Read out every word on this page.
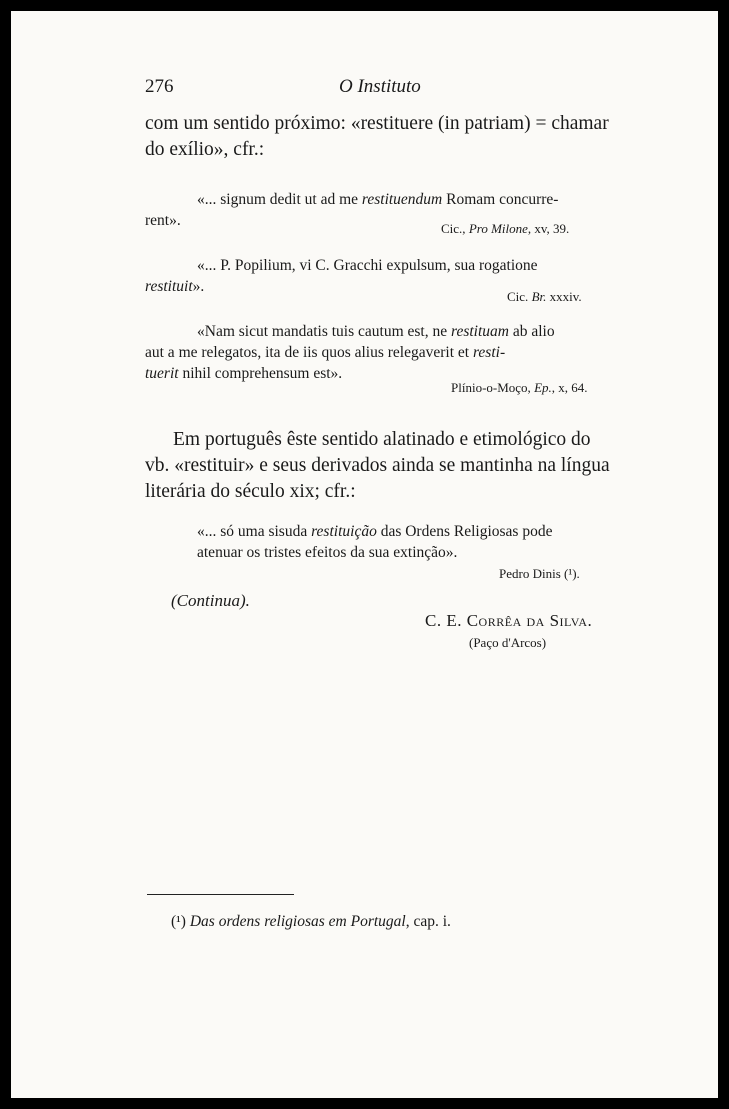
276	O Instituto
com um sentido próximo: «restituere (in patriam) = chamar
do exílio», cfr.:
«... signum dedit ut ad me restituendum Romam concurre-
rent».	Cic., Pro Milone, xv, 39.
«... P. Popilium, vi C. Gracchi expulsum, sua rogatione
restituit».
Cic. Br. xxxiv.
«Nam sicut mandatis tuis cautum est, ne restituam ab alio
aut a me relegatos, ita de iis quos alius relegaverit et resti-
tuerit nihil comprehensum est».
Plínio-o-Moço, Ep., x, 64.
Em português êste sentido alatinado e etimológico do
vb. «restituir» e seus derivados ainda se mantinha na língua
literária do século xix; cfr.:
«... só uma sisuda restituição das Ordens Religiosas pode
atenuar os tristes efeitos da sua extinção».
Pedro Dinis (¹).
(Continua).
C. E. Corrêa da Silva.
(Paço d'Arcos)
(¹) Das ordens religiosas em Portugal, cap. i.
